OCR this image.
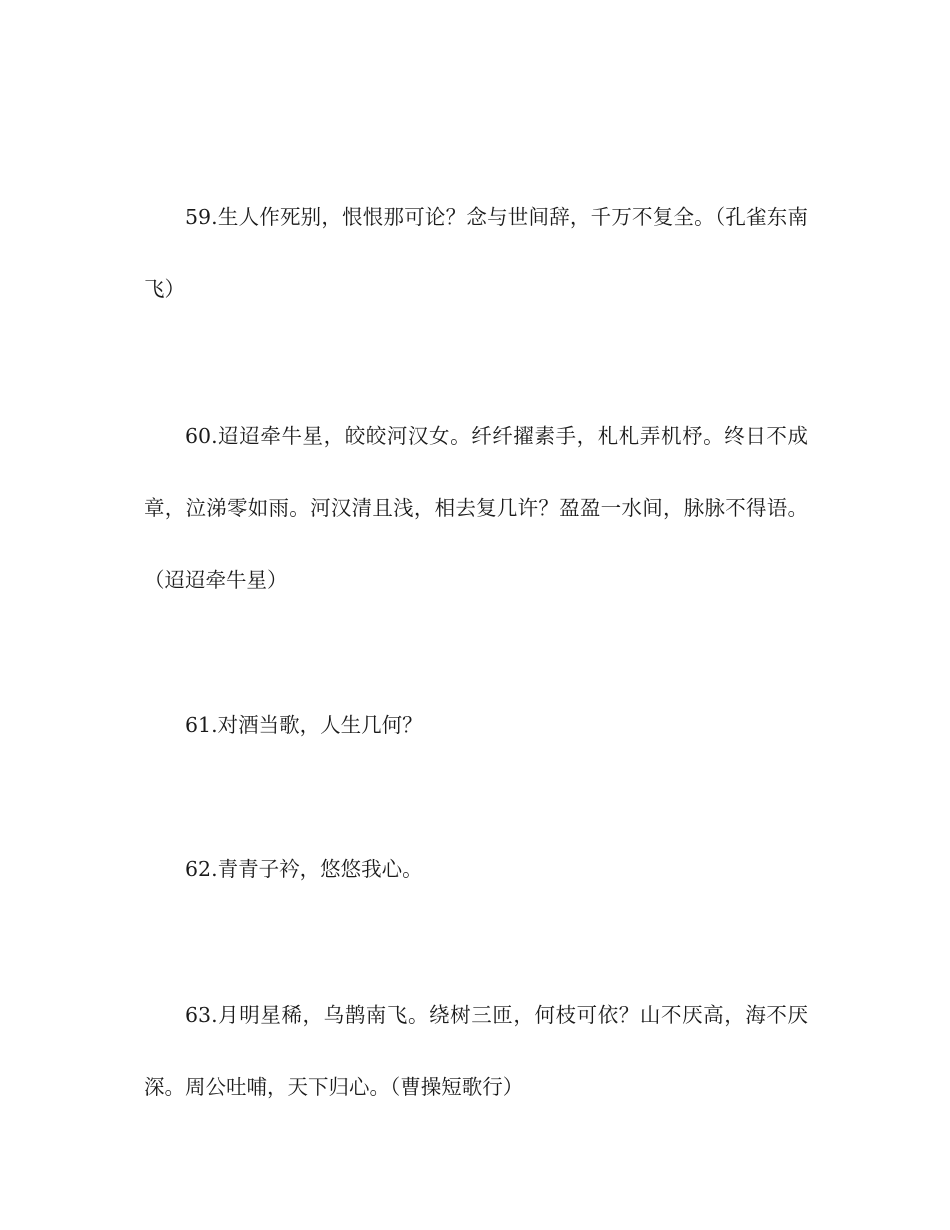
59.生人作死别，恨恨那可论？念与世间辞，千万不复全。（孔雀东南飞）

60.迢迢牵牛星，皎皎河汉女。纤纤擢素手，札札弄机杼。终日不成章，泣涕零如雨。河汉清且浅，相去复几许？盈盈一水间，脉脉不得语。（迢迢牵牛星）

61.对酒当歌，人生几何？

62.青青子衿，悠悠我心。

63.月明星稀，乌鹊南飞。绕树三匝，何枝可依？山不厌高，海不厌深。周公吐哺，天下归心。（曹操短歌行）
